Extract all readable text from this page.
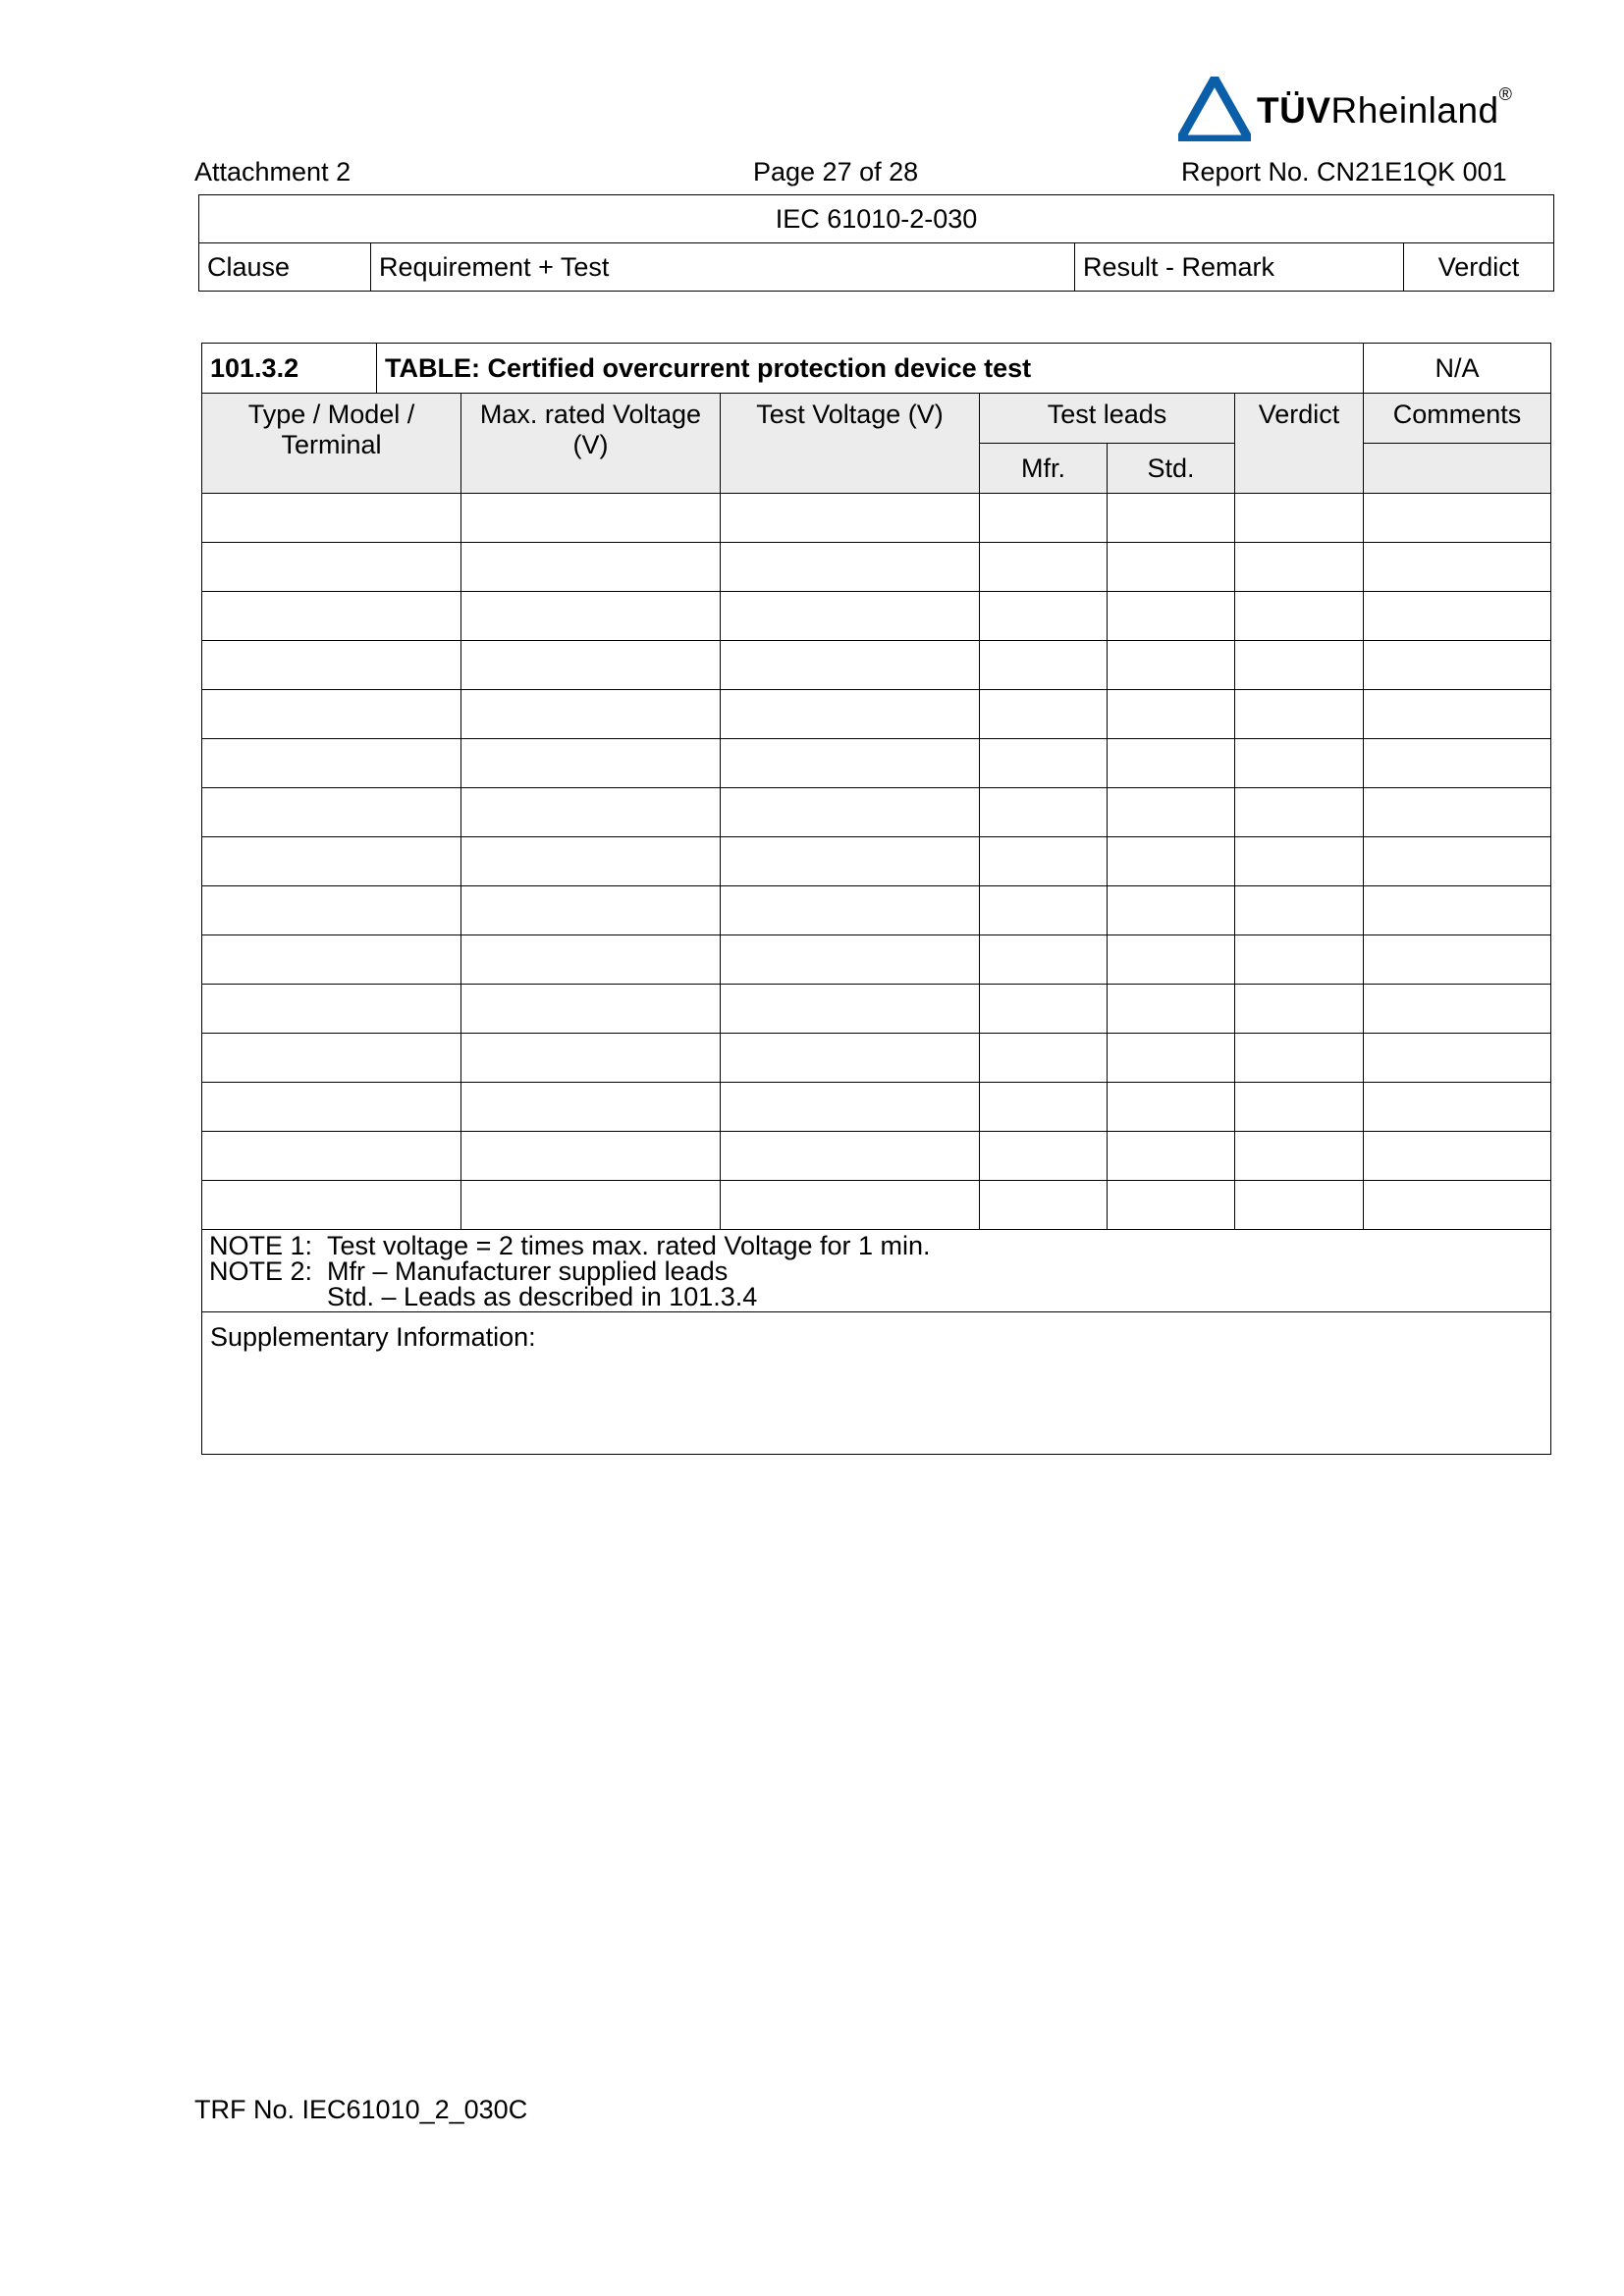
TÜVRheinland®
Attachment 2	Page 27 of 28	Report No. CN21E1QK 001
IEC 61010-2-030
Clause	Requirement + Test	Result - Remark	Verdict
101.3.2	TABLE: Certified overcurrent protection device test						N/A
Type / Model / Terminal		Max. rated Voltage (V)	Test Voltage (V)	Test leads		Verdict	Comments
				Mfr.	Std.		

NOTE 1: Test voltage = 2 times max. rated Voltage for 1 min.
NOTE 2: Mfr – Manufacturer supplied leads
Std. – Leads as described in 101.3.4							

Supplementary Information:							
TRF No. IEC61010_2_030C
